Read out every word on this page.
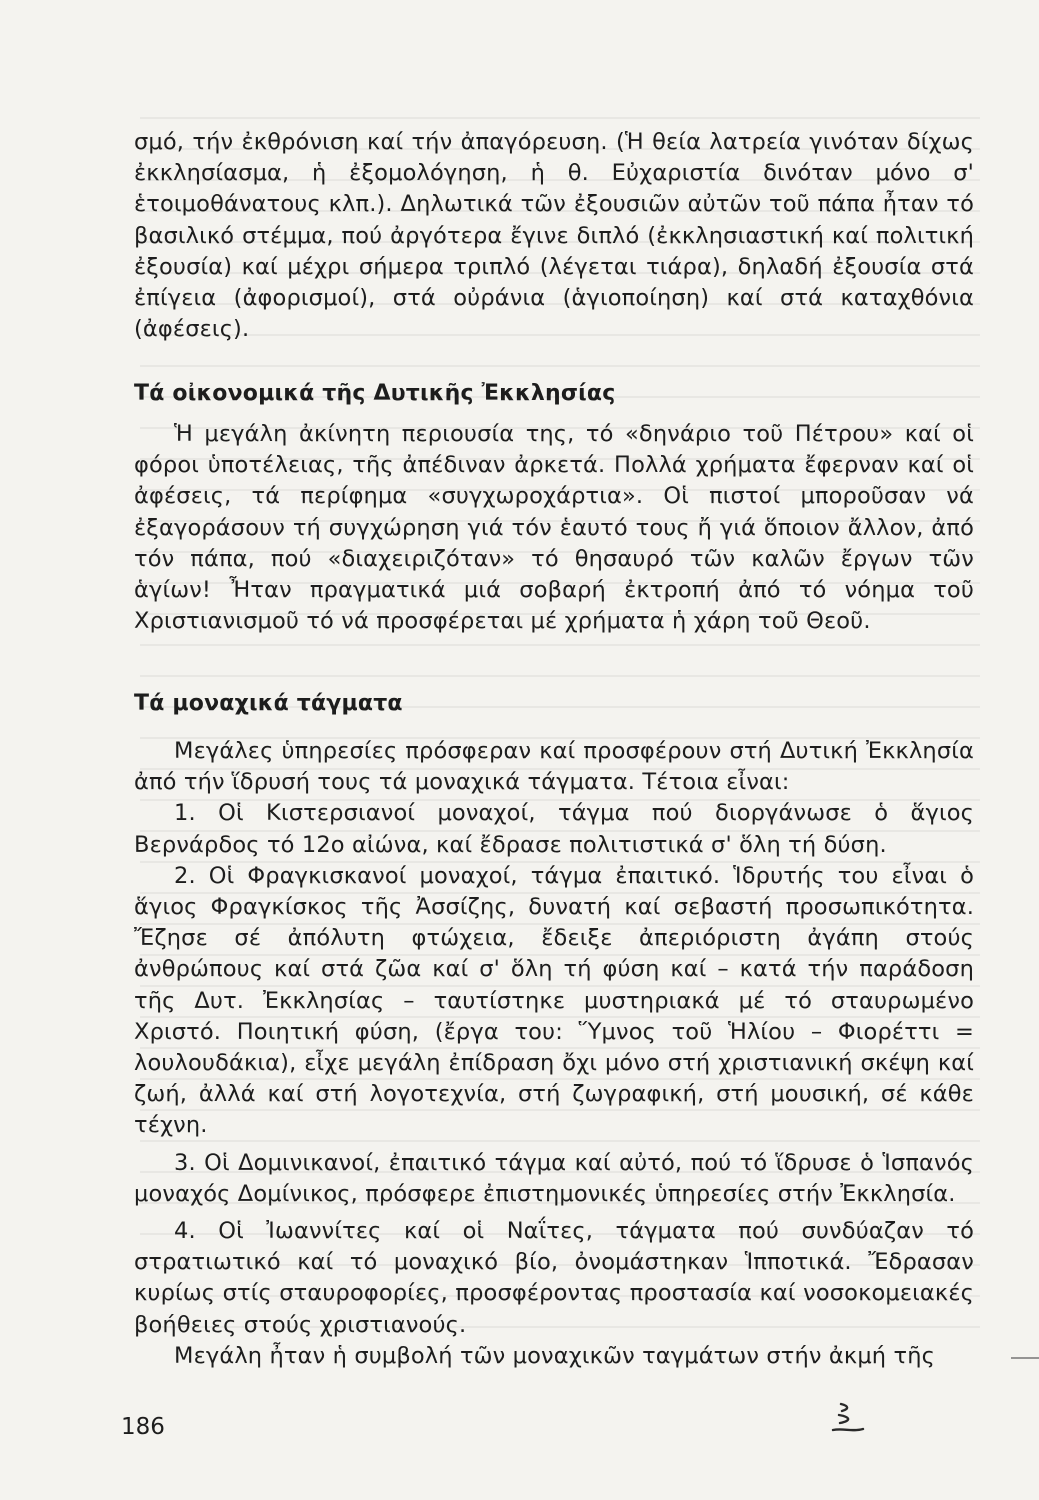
σμό, τήν ἐκθρόνιση καί τήν ἀπαγόρευση. (Ἡ θεία λατρεία γινόταν δίχως ἐκκλησίασμα, ἡ ἐξομολόγηση, ἡ θ. Εὐχαριστία δινόταν μόνο σ' ἑτοιμοθάνατους κλπ.). Δηλωτικά τῶν ἐξουσιῶν αὐτῶν τοῦ πάπα ἦταν τό βασιλικό στέμμα, πού ἀργότερα ἔγινε διπλό (ἐκκλησιαστική καί πολιτική ἐξουσία) καί μέχρι σήμερα τριπλό (λέγεται τιάρα), δηλαδή ἐξουσία στά ἐπίγεια (ἀφορισμοί), στά οὐράνια (ἁγιοποίηση) καί στά καταχθόνια (ἀφέσεις).

Τά οἰκονομικά τῆς Δυτικῆς Ἐκκλησίας

Ἡ μεγάλη ἀκίνητη περιουσία της, τό «δηνάριο τοῦ Πέτρου» καί οἱ φόροι ὑποτέλειας, τῆς ἀπέδιναν ἀρκετά. Πολλά χρήματα ἔφερναν καί οἱ ἀφέσεις, τά περίφημα «συγχωροχάρτια». Οἱ πιστοί μποροῦσαν νά ἐξαγοράσουν τή συγχώρηση γιά τόν ἑαυτό τους ἤ γιά ὅποιον ἄλλον, ἀπό τόν πάπα, πού «διαχειριζόταν» τό θησαυρό τῶν καλῶν ἔργων τῶν ἁγίων! Ἦταν πραγματικά μιά σοβαρή ἐκτροπή ἀπό τό νόημα τοῦ Χριστιανισμοῦ τό νά προσφέρεται μέ χρήματα ἡ χάρη τοῦ Θεοῦ.

Τά μοναχικά τάγματα

Μεγάλες ὑπηρεσίες πρόσφεραν καί προσφέρουν στή Δυτική Ἐκκλησία ἀπό τήν ἵδρυσή τους τά μοναχικά τάγματα. Τέτοια εἶναι:

1. Οἱ Κιστερσιανοί μοναχοί, τάγμα πού διοργάνωσε ὁ ἅγιος Βερνάρδος τό 12ο αἰώνα, καί ἔδρασε πολιτιστικά σ' ὅλη τή δύση.

2. Οἱ Φραγκισκανοί μοναχοί, τάγμα ἐπαιτικό. Ἱδρυτής του εἶναι ὁ ἅγιος Φραγκίσκος τῆς Ἀσσίζης, δυνατή καί σεβαστή προσωπικότητα. Ἔζησε σέ ἀπόλυτη φτώχεια, ἔδειξε ἀπεριόριστη ἀγάπη στούς ἀνθρώπους καί στά ζῶα καί σ' ὅλη τή φύση καί – κατά τήν παράδοση τῆς Δυτ. Ἐκκλησίας – ταυτίστηκε μυστηριακά μέ τό σταυρωμένο Χριστό. Ποιητική φύση, (ἔργα του: Ὕμνος τοῦ Ἡλίου – Φιορέττι = λουλουδάκια), εἶχε μεγάλη ἐπίδραση ὄχι μόνο στή χριστιανική σκέψη καί ζωή, ἀλλά καί στή λογοτεχνία, στή ζωγραφική, στή μουσική, σέ κάθε τέχνη.

3. Οἱ Δομινικανοί, ἐπαιτικό τάγμα καί αὐτό, πού τό ἵδρυσε ὁ Ἱσπανός μοναχός Δομίνικος, πρόσφερε ἐπιστημονικές ὑπηρεσίες στήν Ἐκκλησία.

4. Οἱ Ἰωαννίτες καί οἱ Ναΐτες, τάγματα πού συνδύαζαν τό στρατιωτικό καί τό μοναχικό βίο, ὀνομάστηκαν Ἱπποτικά. Ἔδρασαν κυρίως στίς σταυροφορίες, προσφέροντας προστασία καί νοσοκομειακές βοήθειες στούς χριστιανούς.

Μεγάλη ἦταν ἡ συμβολή τῶν μοναχικῶν ταγμάτων στήν ἀκμή τῆς

186
